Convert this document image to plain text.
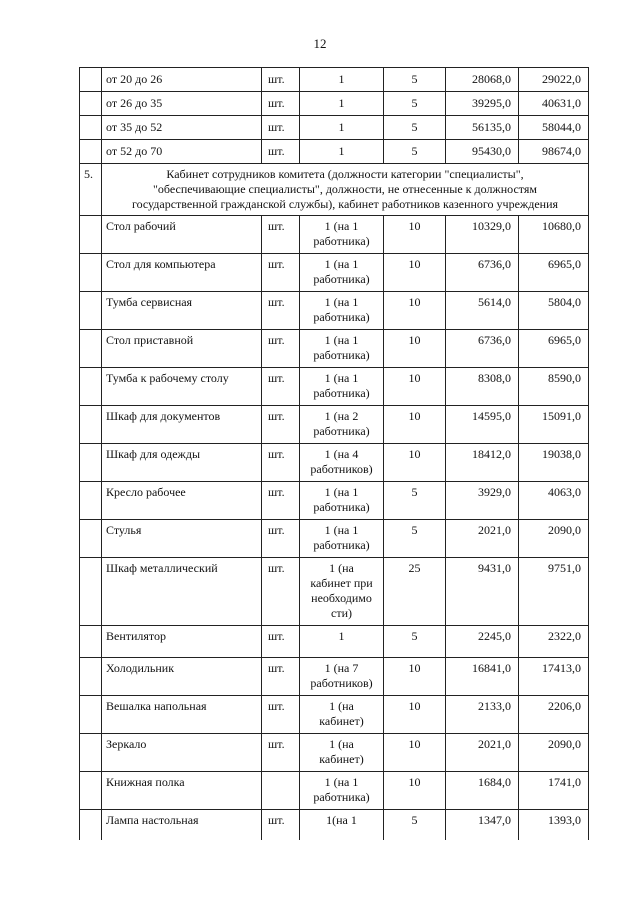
12
	от 20 до 26	шт.	1	5	28068,0	29022,0
	от 26 до 35	шт.	1	5	39295,0	40631,0
	от 35 до 52	шт.	1	5	56135,0	58044,0
	от 52 до 70	шт.	1	5	95430,0	98674,0
5.	Кабинет сотрудников комитета (должности категории "специалисты",
"обеспечивающие специалисты", должности, не отнесенные к должностям
государственной гражданской службы), кабинет работников казенного учреждения					

	Стол рабочий	шт.	1 (на 1
работника)	10	10329,0	10680,0
	Стол для компьютера	шт.	1 (на 1
работника)	10	6736,0	6965,0
	Тумба сервисная	шт.	1 (на 1
работника)	10	5614,0	5804,0
	Стол приставной	шт.	1 (на 1
работника)	10	6736,0	6965,0
	Тумба к рабочему столу	шт.	1 (на 1
работника)	10	8308,0	8590,0
	Шкаф для документов	шт.	1 (на 2
работника)	10	14595,0	15091,0
	Шкаф для одежды	шт.	1 (на 4
работников)	10	18412,0	19038,0
	Кресло рабочее	шт.	1 (на 1
работника)	5	3929,0	4063,0
	Стулья	шт.	1 (на 1
работника)	5	2021,0	2090,0
	Шкаф металлический	шт.	1 (на
кабинет при
необходимо
сти)	25	9431,0	9751,0
	Вентилятор	шт.	1	5	2245,0	2322,0
	Холодильник	шт.	1 (на 7
работников)	10	16841,0	17413,0
	Вешалка напольная	шт.	1 (на
кабинет)	10	2133,0	2206,0
	Зеркало	шт.	1 (на
кабинет)	10	2021,0	2090,0
	Книжная полка		1 (на 1
работника)	10	1684,0	1741,0
	Лампа настольная	шт.	1(на 1	5	1347,0	1393,0
